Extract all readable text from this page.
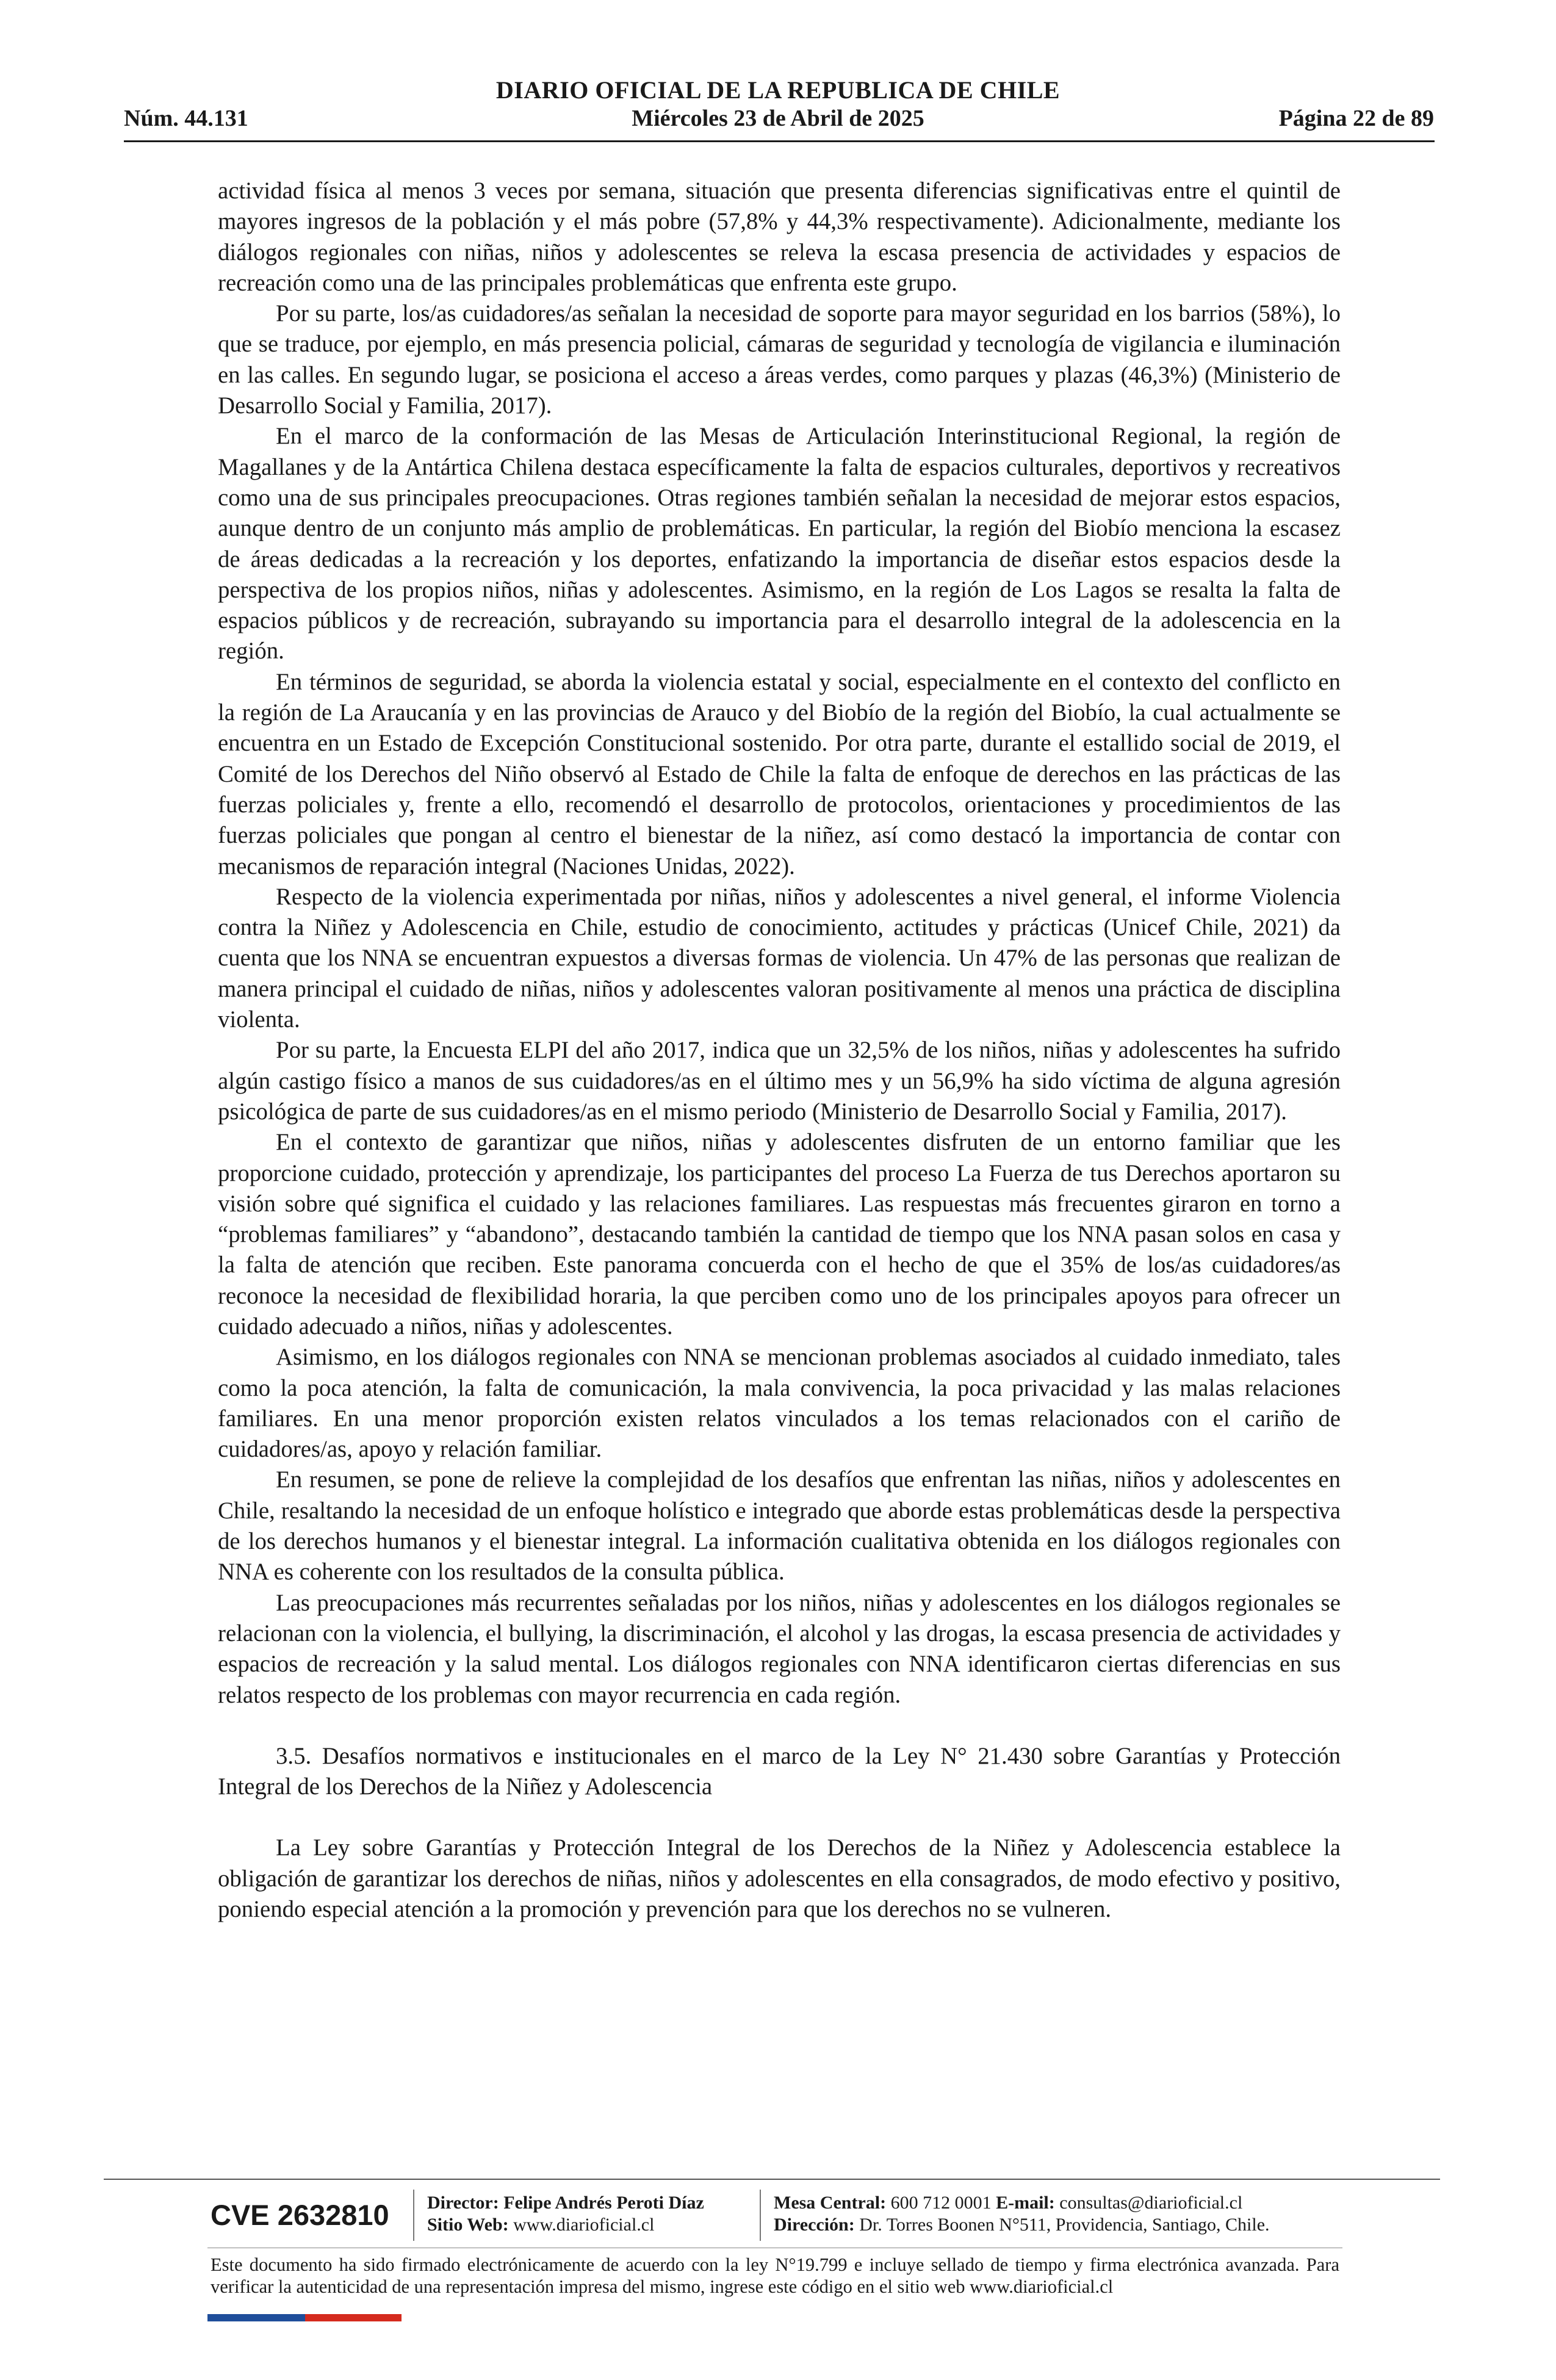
DIARIO OFICIAL DE LA REPUBLICA DE CHILE
Núm. 44.131	Miércoles 23 de Abril de 2025	Página 22 de 89

actividad física al menos 3 veces por semana, situación que presenta diferencias significativas entre el quintil de mayores ingresos de la población y el más pobre (57,8% y 44,3% respectivamente). Adicionalmente, mediante los diálogos regionales con niñas, niños y adolescentes se releva la escasa presencia de actividades y espacios de recreación como una de las principales problemáticas que enfrenta este grupo.

Por su parte, los/as cuidadores/as señalan la necesidad de soporte para mayor seguridad en los barrios (58%), lo que se traduce, por ejemplo, en más presencia policial, cámaras de seguridad y tecnología de vigilancia e iluminación en las calles. En segundo lugar, se posiciona el acceso a áreas verdes, como parques y plazas (46,3%) (Ministerio de Desarrollo Social y Familia, 2017).

En el marco de la conformación de las Mesas de Articulación Interinstitucional Regional, la región de Magallanes y de la Antártica Chilena destaca específicamente la falta de espacios culturales, deportivos y recreativos como una de sus principales preocupaciones. Otras regiones también señalan la necesidad de mejorar estos espacios, aunque dentro de un conjunto más amplio de problemáticas. En particular, la región del Biobío menciona la escasez de áreas dedicadas a la recreación y los deportes, enfatizando la importancia de diseñar estos espacios desde la perspectiva de los propios niños, niñas y adolescentes. Asimismo, en la región de Los Lagos se resalta la falta de espacios públicos y de recreación, subrayando su importancia para el desarrollo integral de la adolescencia en la región.

En términos de seguridad, se aborda la violencia estatal y social, especialmente en el contexto del conflicto en la región de La Araucanía y en las provincias de Arauco y del Biobío de la región del Biobío, la cual actualmente se encuentra en un Estado de Excepción Constitucional sostenido. Por otra parte, durante el estallido social de 2019, el Comité de los Derechos del Niño observó al Estado de Chile la falta de enfoque de derechos en las prácticas de las fuerzas policiales y, frente a ello, recomendó el desarrollo de protocolos, orientaciones y procedimientos de las fuerzas policiales que pongan al centro el bienestar de la niñez, así como destacó la importancia de contar con mecanismos de reparación integral (Naciones Unidas, 2022).

Respecto de la violencia experimentada por niñas, niños y adolescentes a nivel general, el informe Violencia contra la Niñez y Adolescencia en Chile, estudio de conocimiento, actitudes y prácticas (Unicef Chile, 2021) da cuenta que los NNA se encuentran expuestos a diversas formas de violencia. Un 47% de las personas que realizan de manera principal el cuidado de niñas, niños y adolescentes valoran positivamente al menos una práctica de disciplina violenta.

Por su parte, la Encuesta ELPI del año 2017, indica que un 32,5% de los niños, niñas y adolescentes ha sufrido algún castigo físico a manos de sus cuidadores/as en el último mes y un 56,9% ha sido víctima de alguna agresión psicológica de parte de sus cuidadores/as en el mismo periodo (Ministerio de Desarrollo Social y Familia, 2017).

En el contexto de garantizar que niños, niñas y adolescentes disfruten de un entorno familiar que les proporcione cuidado, protección y aprendizaje, los participantes del proceso La Fuerza de tus Derechos aportaron su visión sobre qué significa el cuidado y las relaciones familiares. Las respuestas más frecuentes giraron en torno a “problemas familiares” y “abandono”, destacando también la cantidad de tiempo que los NNA pasan solos en casa y la falta de atención que reciben. Este panorama concuerda con el hecho de que el 35% de los/as cuidadores/as reconoce la necesidad de flexibilidad horaria, la que perciben como uno de los principales apoyos para ofrecer un cuidado adecuado a niños, niñas y adolescentes.

Asimismo, en los diálogos regionales con NNA se mencionan problemas asociados al cuidado inmediato, tales como la poca atención, la falta de comunicación, la mala convivencia, la poca privacidad y las malas relaciones familiares. En una menor proporción existen relatos vinculados a los temas relacionados con el cariño de cuidadores/as, apoyo y relación familiar.

En resumen, se pone de relieve la complejidad de los desafíos que enfrentan las niñas, niños y adolescentes en Chile, resaltando la necesidad de un enfoque holístico e integrado que aborde estas problemáticas desde la perspectiva de los derechos humanos y el bienestar integral. La información cualitativa obtenida en los diálogos regionales con NNA es coherente con los resultados de la consulta pública.

Las preocupaciones más recurrentes señaladas por los niños, niñas y adolescentes en los diálogos regionales se relacionan con la violencia, el bullying, la discriminación, el alcohol y las drogas, la escasa presencia de actividades y espacios de recreación y la salud mental. Los diálogos regionales con NNA identificaron ciertas diferencias en sus relatos respecto de los problemas con mayor recurrencia en cada región.

3.5. Desafíos normativos e institucionales en el marco de la Ley N° 21.430 sobre Garantías y Protección Integral de los Derechos de la Niñez y Adolescencia

La Ley sobre Garantías y Protección Integral de los Derechos de la Niñez y Adolescencia establece la obligación de garantizar los derechos de niñas, niños y adolescentes en ella consagrados, de modo efectivo y positivo, poniendo especial atención a la promoción y prevención para que los derechos no se vulneren.

CVE 2632810	Director: Felipe Andrés Peroti Díaz
Sitio Web: www.diarioficial.cl
Mesa Central: 600 712 0001 E-mail: consultas@diarioficial.cl
Dirección: Dr. Torres Boonen N°511, Providencia, Santiago, Chile.
Este documento ha sido firmado electrónicamente de acuerdo con la ley N°19.799 e incluye sellado de tiempo y firma electrónica avanzada. Para verificar la autenticidad de una representación impresa del mismo, ingrese este código en el sitio web www.diarioficial.cl
